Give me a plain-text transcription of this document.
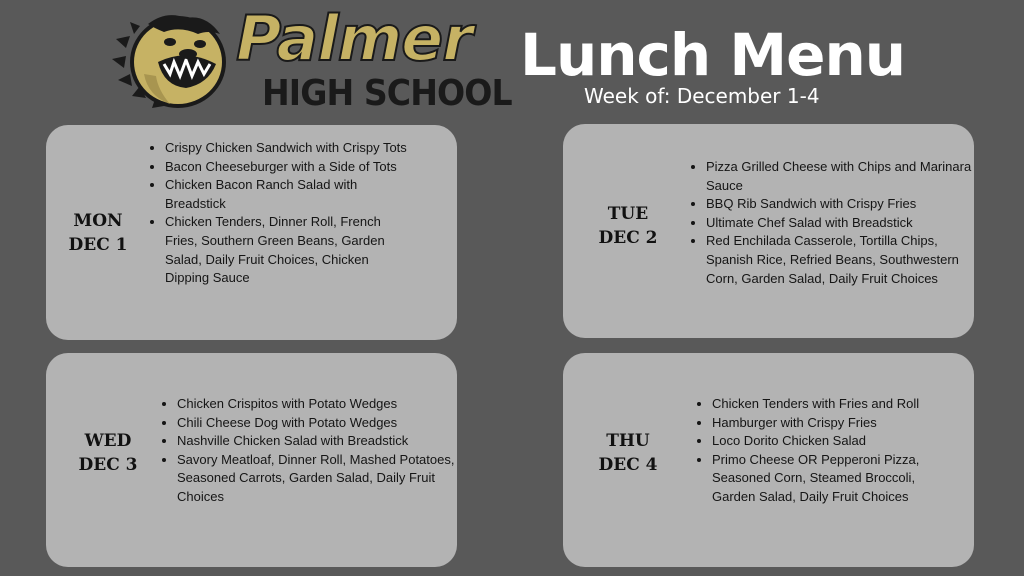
Palmer
HIGH SCHOOL
Lunch Menu
Week of: December 1-4
MON
DEC 1
• Crispy Chicken Sandwich with Crispy Tots
• Bacon Cheeseburger with a Side of Tots
• Chicken Bacon Ranch Salad with Breadstick
• Chicken Tenders, Dinner Roll, French Fries, Southern Green Beans, Garden Salad, Daily Fruit Choices, Chicken Dipping Sauce
TUE
DEC 2
• Pizza Grilled Cheese with Chips and Marinara Sauce
• BBQ Rib Sandwich with Crispy Fries
• Ultimate Chef Salad with Breadstick
• Red Enchilada Casserole, Tortilla Chips, Spanish Rice, Refried Beans, Southwestern Corn, Garden Salad, Daily Fruit Choices
WED
DEC 3
• Chicken Crispitos with Potato Wedges
• Chili Cheese Dog with Potato Wedges
• Nashville Chicken Salad with Breadstick
• Savory Meatloaf, Dinner Roll, Mashed Potatoes, Seasoned Carrots, Garden Salad, Daily Fruit Choices
THU
DEC 4
• Chicken Tenders with Fries and Roll
• Hamburger with Crispy Fries
• Loco Dorito Chicken Salad
• Primo Cheese OR Pepperoni Pizza, Seasoned Corn, Steamed Broccoli, Garden Salad, Daily Fruit Choices
